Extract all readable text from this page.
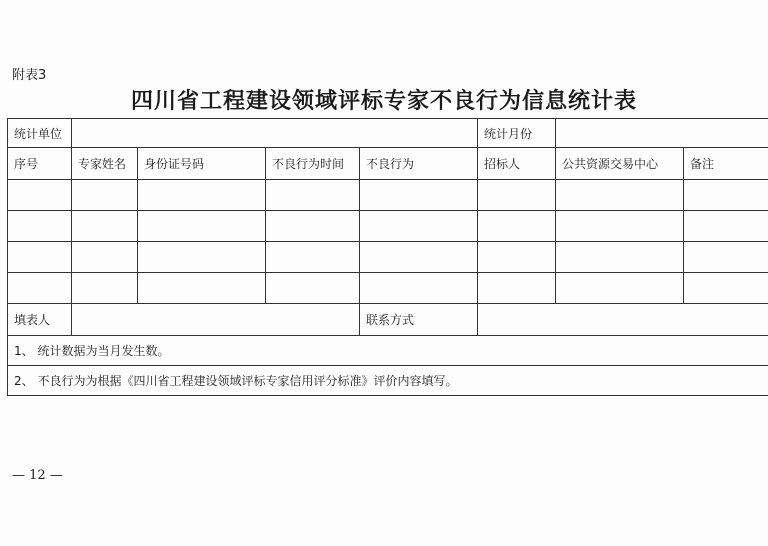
附表3
四川省工程建设领域评标专家不良行为信息统计表
统计单位					统计月份		
序号	专家姓名	身份证号码	不良行为时间	不良行为	招标人	公共资源交易中心	备注

填表人				联系方式			
1、 统计数据为当月发生数。							
2、 不良行为为根据《四川省工程建设领域评标专家信用评分标准》评价内容填写。							
— 12 —
